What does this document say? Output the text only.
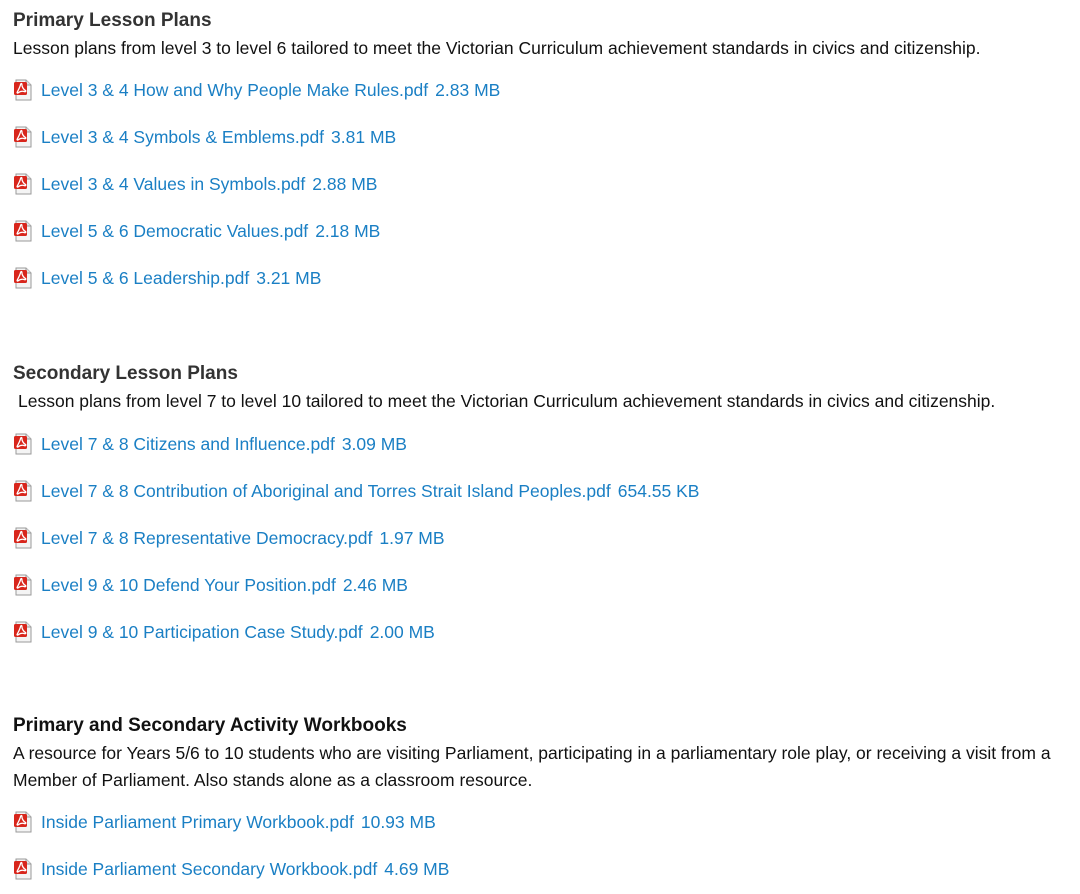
Primary Lesson Plans
Lesson plans from level 3 to level 6 tailored to meet the Victorian Curriculum achievement standards in civics and citizenship.
Level 3 & 4 How and Why People Make Rules.pdf 2.83 MB
Level 3 & 4 Symbols & Emblems.pdf 3.81 MB
Level 3 & 4 Values in Symbols.pdf 2.88 MB
Level 5 & 6 Democratic Values.pdf 2.18 MB
Level 5 & 6 Leadership.pdf 3.21 MB
Secondary Lesson Plans
Lesson plans from level 7 to level 10 tailored to meet the Victorian Curriculum achievement standards in civics and citizenship.
Level 7 & 8 Citizens and Influence.pdf 3.09 MB
Level 7 & 8 Contribution of Aboriginal and Torres Strait Island Peoples.pdf 654.55 KB
Level 7 & 8 Representative Democracy.pdf 1.97 MB
Level 9 & 10 Defend Your Position.pdf 2.46 MB
Level 9 & 10 Participation Case Study.pdf 2.00 MB
Primary and Secondary Activity Workbooks
A resource for Years 5/6 to 10 students who are visiting Parliament, participating in a parliamentary role play, or receiving a visit from a Member of Parliament. Also stands alone as a classroom resource.
Inside Parliament Primary Workbook.pdf 10.93 MB
Inside Parliament Secondary Workbook.pdf 4.69 MB
